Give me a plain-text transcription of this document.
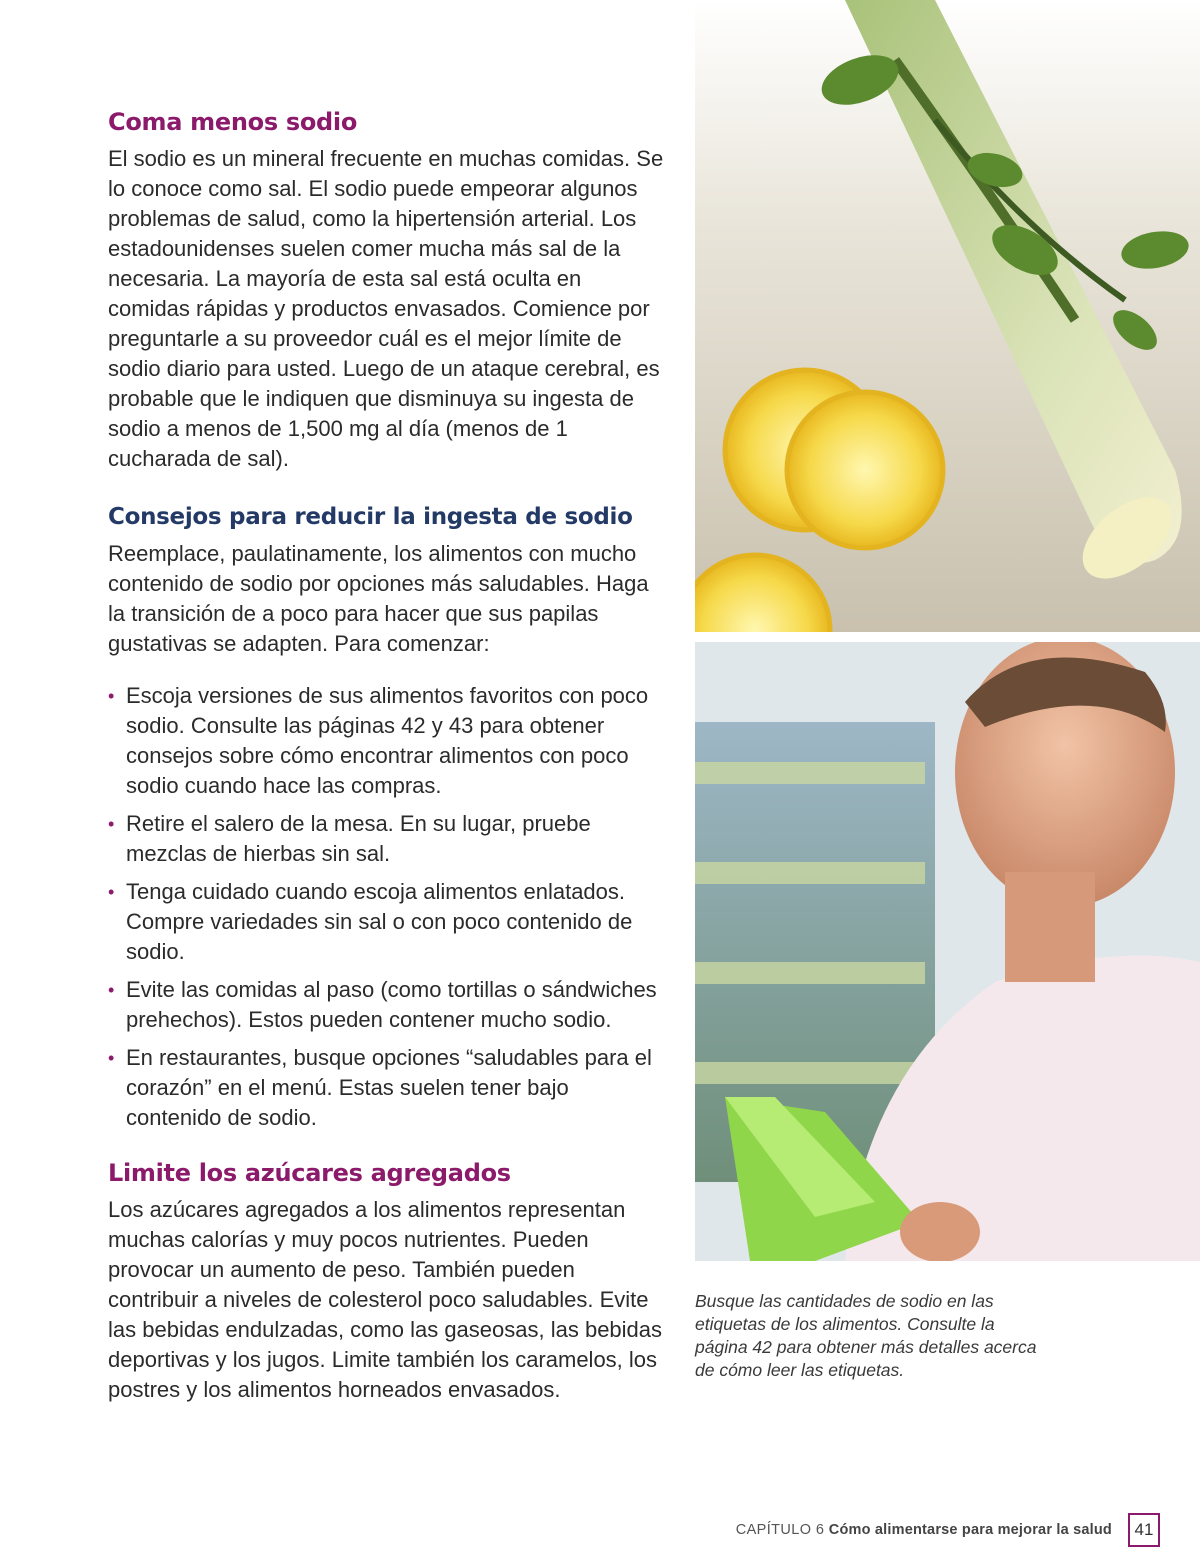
Coma menos sodio

El sodio es un mineral frecuente en muchas comidas. Se lo conoce como sal. El sodio puede empeorar algunos problemas de salud, como la hipertensión arterial. Los estadounidenses suelen comer mucha más sal de la necesaria. La mayoría de esta sal está oculta en comidas rápidas y productos envasados. Comience por preguntarle a su proveedor cuál es el mejor límite de sodio diario para usted. Luego de un ataque cerebral, es probable que le indiquen que disminuya su ingesta de sodio a menos de 1,500 mg al día (menos de 1 cucharada de sal).

Consejos para reducir la ingesta de sodio

Reemplace, paulatinamente, los alimentos con mucho contenido de sodio por opciones más saludables. Haga la transición de a poco para hacer que sus papilas gustativas se adapten. Para comenzar:

• Escoja versiones de sus alimentos favoritos con poco sodio. Consulte las páginas 42 y 43 para obtener consejos sobre cómo encontrar alimentos con poco sodio cuando hace las compras.
• Retire el salero de la mesa. En su lugar, pruebe mezclas de hierbas sin sal.
• Tenga cuidado cuando escoja alimentos enlatados. Compre variedades sin sal o con poco contenido de sodio.
• Evite las comidas al paso (como tortillas o sándwiches prehechos). Estos pueden contener mucho sodio.
• En restaurantes, busque opciones “saludables para el corazón” en el menú. Estas suelen tener bajo contenido de sodio.
Limite los azúcares agregados

Los azúcares agregados a los alimentos representan muchas calorías y muy pocos nutrientes. Pueden provocar un aumento de peso. También pueden contribuir a niveles de colesterol poco saludables. Evite las bebidas endulzadas, como las gaseosas, las bebidas deportivas y los jugos. Limite también los caramelos, los postres y los alimentos horneados envasados.

Busque las cantidades de sodio en las etiquetas de los alimentos. Consulte la página 42 para obtener más detalles acerca de cómo leer las etiquetas.

CAPÍTULO 6 Cómo alimentarse para mejorar la salud	41
